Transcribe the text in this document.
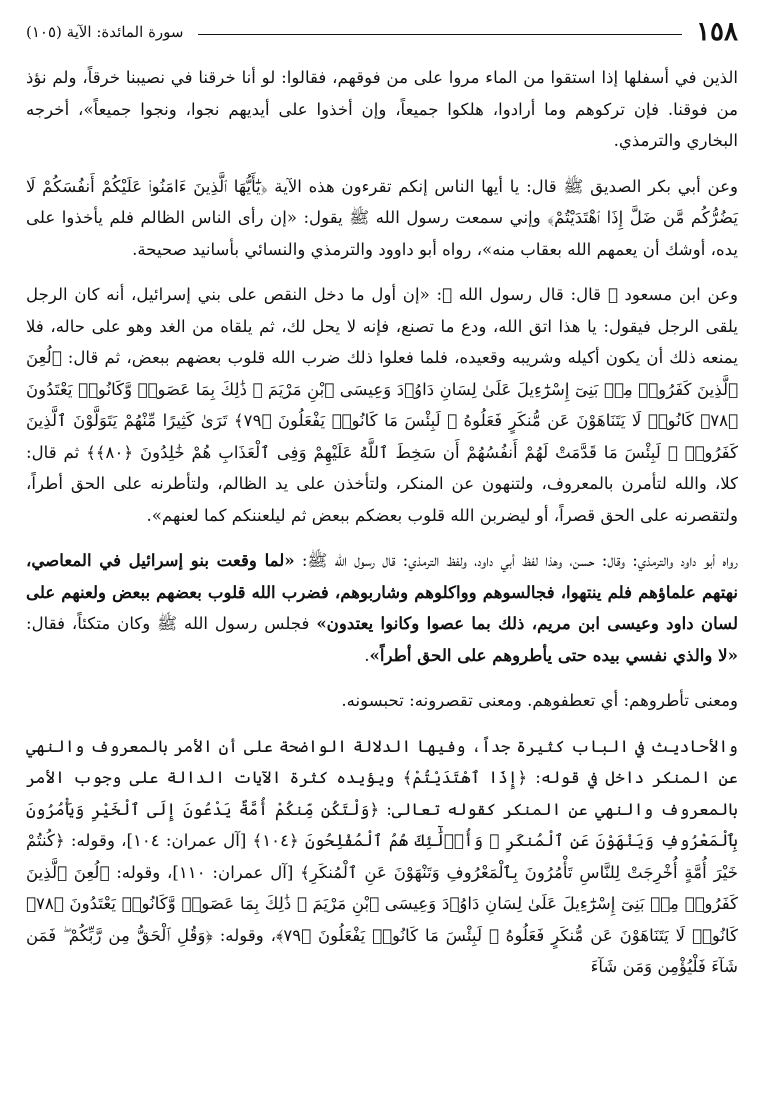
١٥٨
سورة المائدة: الآية (١٠٥)

الذين في أسفلها إذا استقوا من الماء مروا على من فوقهم، فقالوا: لو أنا خرقنا في نصيبنا خرقاً، ولم نؤذ من فوقنا. فإن تركوهم وما أرادوا، هلكوا جميعاً، وإن أخذوا على أيديهم نجوا، ونجوا جميعاً»، أخرجه البخاري والترمذي.

وعن أبي بكر الصديق ﷺ قال: يا أيها الناس إنكم تقرءون هذه الآية ﴿يَٰٓأَيُّهَا ٱلَّذِينَ ءَامَنُوا۟ عَلَيْكُمْ أَنفُسَكُمْ لَا يَضُرُّكُم مَّن ضَلَّ إِذَا ٱهْتَدَيْتُمْ﴾ وإني سمعت رسول الله ﷺ يقول: «إن رأى الناس الظالم فلم يأخذوا على يده، أوشك أن يعمهم الله بعقاب منه»، رواه أبو داوود والترمذي والنسائي بأسانيد صحيحة.

وعن ابن مسعود ﷺ قال: قال رسول الله ﷺ: «إن أول ما دخل النقص على بني إسرائيل، أنه كان الرجل يلقى الرجل فيقول: يا هذا اتق الله، ودع ما تصنع، فإنه لا يحل لك، ثم يلقاه من الغد وهو على حاله، فلا يمنعه ذلك أن يكون أكيله وشريبه وقعيده، فلما فعلوا ذلك ضرب الله قلوب بعضهم ببعض، ثم قال: ﴿لُعِنَ ٱلَّذِينَ كَفَرُوا۟ مِنۢ بَنِىٓ إِسْرَٰٓءِيلَ عَلَىٰ لِسَانِ دَاوُۥدَ وَعِيسَى ٱبْنِ مَرْيَمَ ۚ ذَٰلِكَ بِمَا عَصَوا۟ وَّكَانُوا۟ يَعْتَدُونَ ﴿٧٨﴾ كَانُوا۟ لَا يَتَنَاهَوْنَ عَن مُّنكَرٍ فَعَلُوهُ ۚ لَبِئْسَ مَا كَانُوا۟ يَفْعَلُونَ ﴿٧٩﴾ تَرَىٰ كَثِيرًا مِّنْهُمْ يَتَوَلَّوْنَ ٱلَّذِينَ كَفَرُوا۟ ۚ لَبِئْسَ مَا قَدَّمَتْ لَهُمْ أَنفُسُهُمْ أَن سَخِطَ ٱللَّهُ عَلَيْهِمْ وَفِى ٱلْعَذَابِ هُمْ خَٰلِدُونَ ﴿٨٠﴾﴾ ثم قال: كلا، والله لتأمرن بالمعروف، ولتنهون عن المنكر، ولتأخذن على يد الظالم، ولتأطرنه على الحق أطراً، ولتقصرنه على الحق قصراً، أو ليضربن الله قلوب بعضكم ببعض ثم ليلعننكم كما لعنهم».

رواه أبو داود والترمذي: وقال: حسن، وهذا لفظ أبي داود، ولفظ الترمذي: قال رسول الله ﷺ: «لما وقعت بنو إسرائيل في المعاصي، نهتهم علماؤهم فلم ينتهوا، فجالسوهم وواكلوهم وشاربوهم، فضرب الله قلوب بعضهم ببعض ولعنهم على لسان داود وعيسى ابن مريم، ذلك بما عصوا وكانوا يعتدون» فجلس رسول الله ﷺ وكان متكئاً، فقال: «لا والذي نفسي بيده حتى يأطروهم على الحق أطراً».

ومعنى تأطروهم: أي تعطفوهم. ومعنى تقصرونه: تحبسونه.

والأحاديث في الباب كثيرة جداً، وفيها الدلالة الواضحة على أن الأمر بالمعروف والنهي عن المنكر داخل في قوله: ﴿إِذَا ٱهْتَدَيْتُمْ﴾ ويؤيده كثرة الآيات الدالة على وجوب الأمر بالمعروف والنهي عن المنكر كقوله تعالى: ﴿وَلْتَكُن مِّنكُمْ أُمَّةٌ يَدْعُونَ إِلَى ٱلْخَيْرِ وَيَأْمُرُونَ بِٱلْمَعْرُوفِ وَيَنْهَوْنَ عَنِ ٱلْمُنكَرِ ۚ وَأُو۟لَٰٓئِكَ هُمُ ٱلْمُفْلِحُونَ ﴿١٠٤﴾ [آل عمران: ١٠٤]، وقوله: ﴿كُنتُمْ خَيْرَ أُمَّةٍ أُخْرِجَتْ لِلنَّاسِ تَأْمُرُونَ بِٱلْمَعْرُوفِ وَتَنْهَوْنَ عَنِ ٱلْمُنكَرِ﴾ [آل عمران: ١١٠]، وقوله: ﴿لُعِنَ ٱلَّذِينَ كَفَرُوا۟ مِنۢ بَنِىٓ إِسْرَٰٓءِيلَ عَلَىٰ لِسَانِ دَاوُۥدَ وَعِيسَى ٱبْنِ مَرْيَمَ ۚ ذَٰلِكَ بِمَا عَصَوا۟ وَّكَانُوا۟ يَعْتَدُونَ ﴿٧٨﴾ كَانُوا۟ لَا يَتَنَاهَوْنَ عَن مُّنكَرٍ فَعَلُوهُ ۚ لَبِئْسَ مَا كَانُوا۟ يَفْعَلُونَ ﴿٧٩﴾، وقوله: ﴿وَقُلِ ٱلْحَقُّ مِن رَّبِّكُمْ ۖ فَمَن شَآءَ فَلْيُؤْمِن وَمَن شَآءَ
